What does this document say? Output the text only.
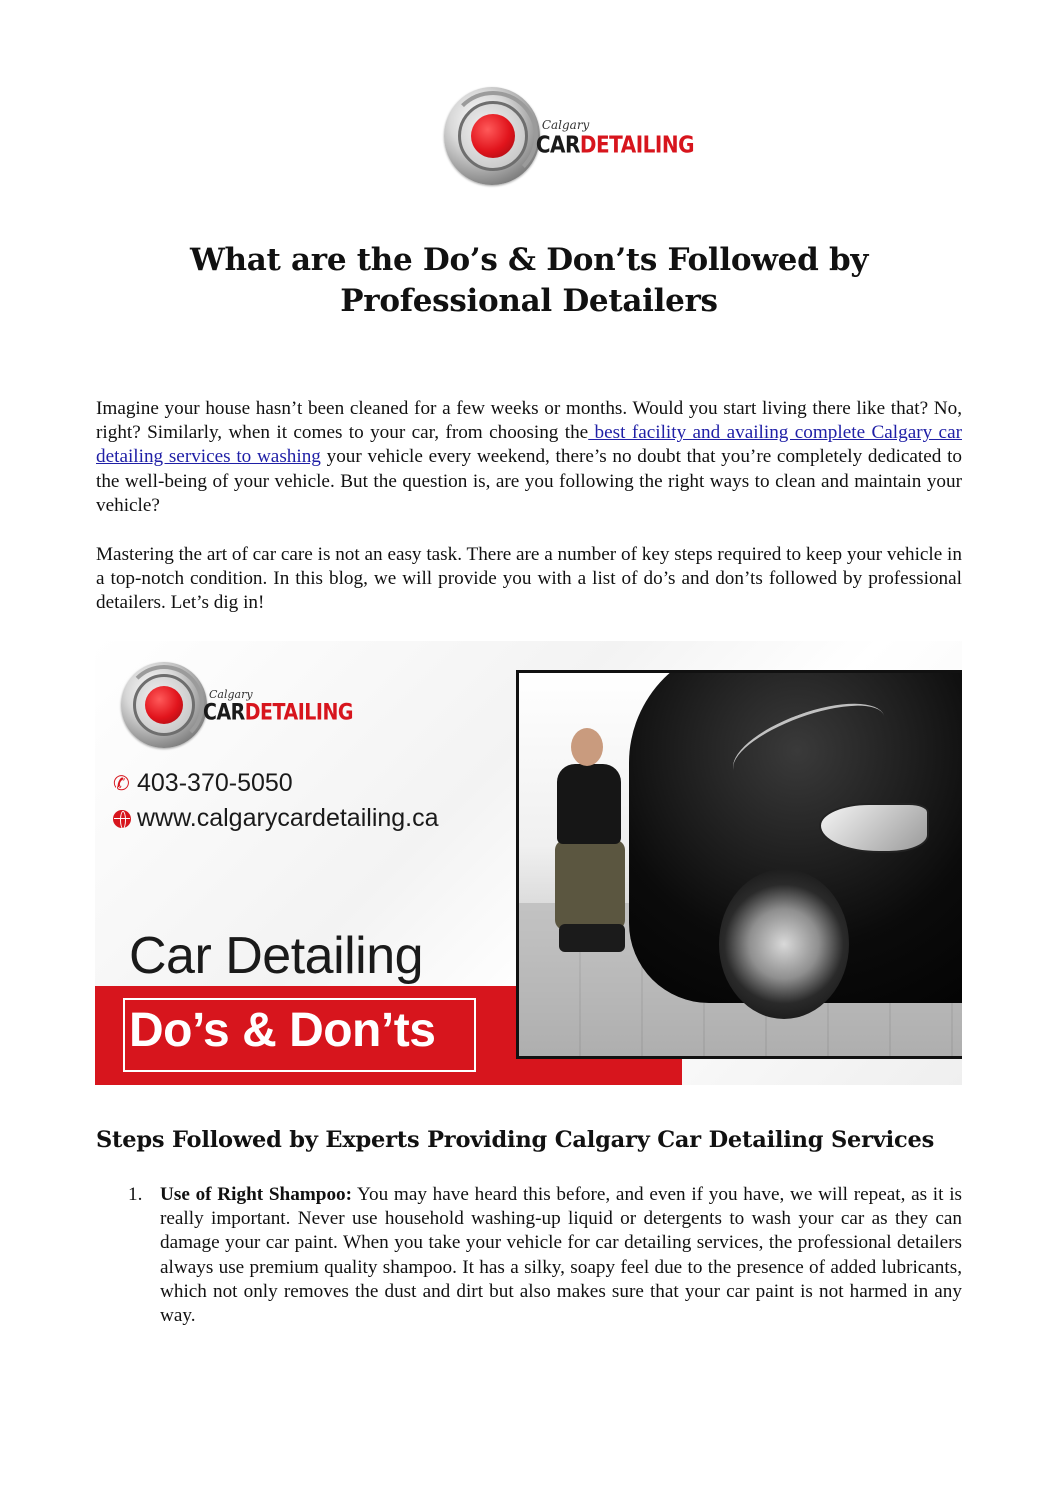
Calgary
CARDETAILING
What are the Do’s & Don’ts Followed by Professional Detailers

Imagine your house hasn’t been cleaned for a few weeks or months. Would you start living there like that? No, right? Similarly, when it comes to your car, from choosing the best facility and availing complete Calgary car detailing services to washing your vehicle every weekend, there’s no doubt that you’re completely dedicated to the well-being of your vehicle. But the question is, are you following the right ways to clean and maintain your vehicle?

Mastering the art of car care is not an easy task. There are a number of key steps required to keep your vehicle in a top-notch condition. In this blog, we will provide you with a list of do’s and don’ts followed by professional detailers. Let’s dig in!

Calgary
CARDETAILING
✆ 403-370-5050
www.calgarycardetailing.ca
Car Detailing
Do’s & Don’ts
Steps Followed by Experts Providing Calgary Car Detailing Services
1. Use of Right Shampoo: You may have heard this before, and even if you have, we will repeat, as it is really important. Never use household washing-up liquid or detergents to wash your car as they can damage your car paint. When you take your vehicle for car detailing services, the professional detailers always use premium quality shampoo. It has a silky, soapy feel due to the presence of added lubricants, which not only removes the dust and dirt but also makes sure that your car paint is not harmed in any way.
